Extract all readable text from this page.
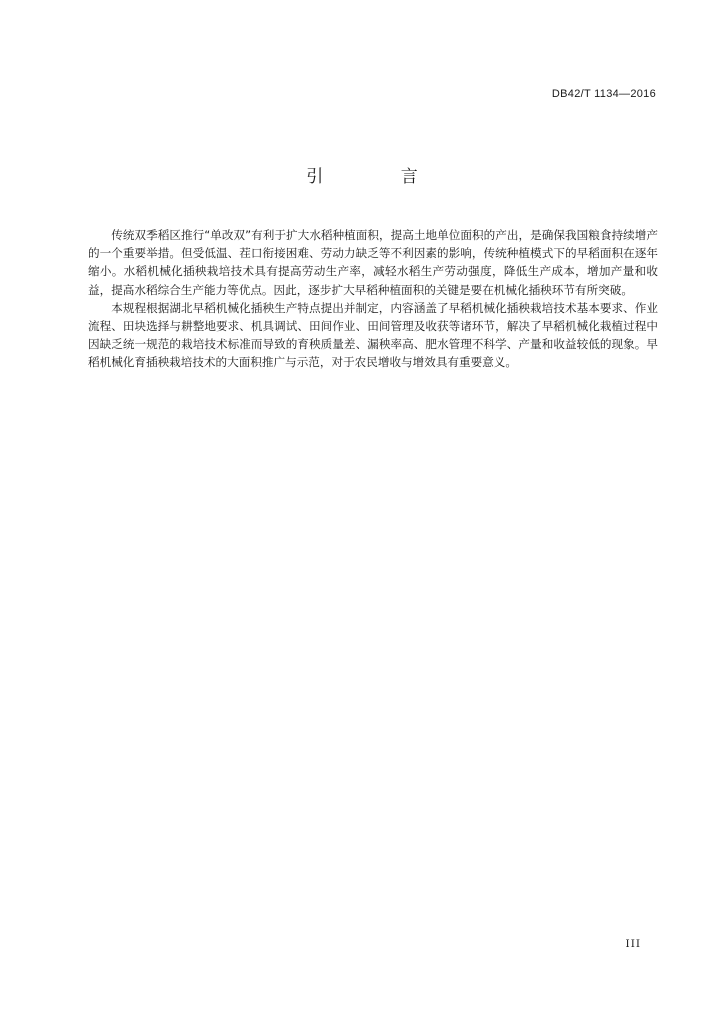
DB42/T 1134—2016
引 言

传统双季稻区推行“单改双”有利于扩大水稻种植面积，提高土地单位面积的产出，是确保我国粮食持续增产的一个重要举措。但受低温、茬口衔接困难、劳动力缺乏等不利因素的影响，传统种植模式下的早稻面积在逐年缩小。水稻机械化插秧栽培技术具有提高劳动生产率，减轻水稻生产劳动强度，降低生产成本，增加产量和收益，提高水稻综合生产能力等优点。因此，逐步扩大早稻种植面积的关键是要在机械化插秧环节有所突破。

本规程根据湖北早稻机械化插秧生产特点提出并制定，内容涵盖了早稻机械化插秧栽培技术基本要求、作业流程、田块选择与耕整地要求、机具调试、田间作业、田间管理及收获等诸环节，解决了早稻机械化栽植过程中因缺乏统一规范的栽培技术标准而导致的育秧质量差、漏秧率高、肥水管理不科学、产量和收益较低的现象。早稻机械化育插秧栽培技术的大面积推广与示范，对于农民增收与增效具有重要意义。

III
